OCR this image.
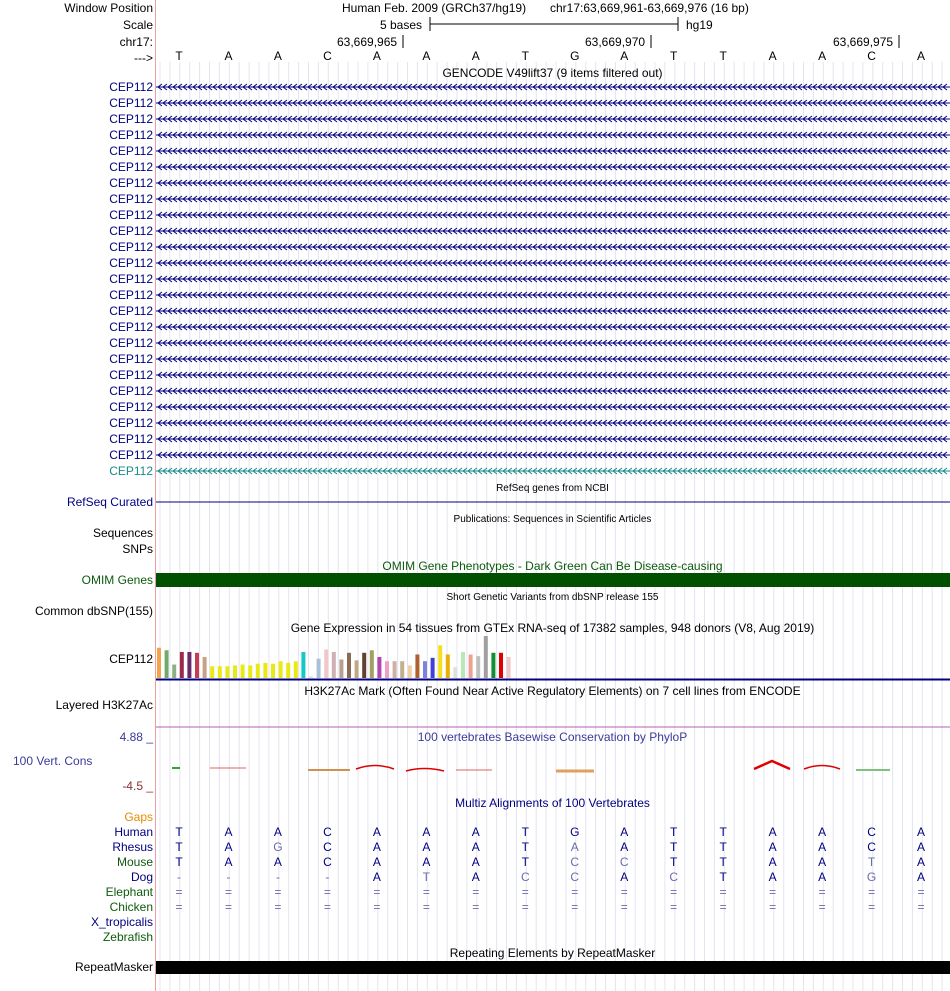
Window Position
Scale
chr17:
--->
Human Feb. 2009 (GRCh37/hg19) chr17:63,669,961-63,669,976 (16 bp)
5 bases	hg19
63,669,965	63,669,970	63,669,975
T	A	A	C	A	A	A	T	G	A	T	T	A	A	C	A
GENCODE V49lift37 (9 items filtered out)
CEP112
CEP112
CEP112
CEP112
CEP112
CEP112
CEP112
CEP112
CEP112
CEP112
CEP112
CEP112
CEP112
CEP112
CEP112
CEP112
CEP112
CEP112
CEP112
CEP112
CEP112
CEP112
CEP112
CEP112
CEP112
RefSeq genes from NCBI
RefSeq Curated
Publications: Sequences in Scientific Articles
Sequences
SNPs
OMIM Gene Phenotypes - Dark Green Can Be Disease-causing
OMIM Genes
Short Genetic Variants from dbSNP release 155
Common dbSNP(155)
Gene Expression in 54 tissues from GTEx RNA-seq of 17382 samples, 948 donors (V8, Aug 2019)
CEP112
H3K27Ac Mark (Often Found Near Active Regulatory Elements) on 7 cell lines from ENCODE
Layered H3K27Ac
100 vertebrates Basewise Conservation by PhyloP
4.88 _
100 Vert. Cons
-4.5 _
Multiz Alignments of 100 Vertebrates
Gaps
Human T	A	A	C	A	A	A	T	G	A	T	T	A	A	C	A
Rhesus T	A	G	C	A	A	A	T	A	A	T	T	A	A	C	A
Mouse T	A	A	C	A	A	A	T	C	C	T	T	A	A	T	A
Dog	-	-	-	-	A	T	A	C	C	A	C	T	A	A	G	A
Elephant =	=	=	=	=	=	=	=	=	=	=	=	=	=	=	=
Chicken =	=	=	=	=	=	=	=	=	=	=	=	=	=	=	=
X_tropicalis
Zebrafish
Repeating Elements by RepeatMasker
RepeatMasker
